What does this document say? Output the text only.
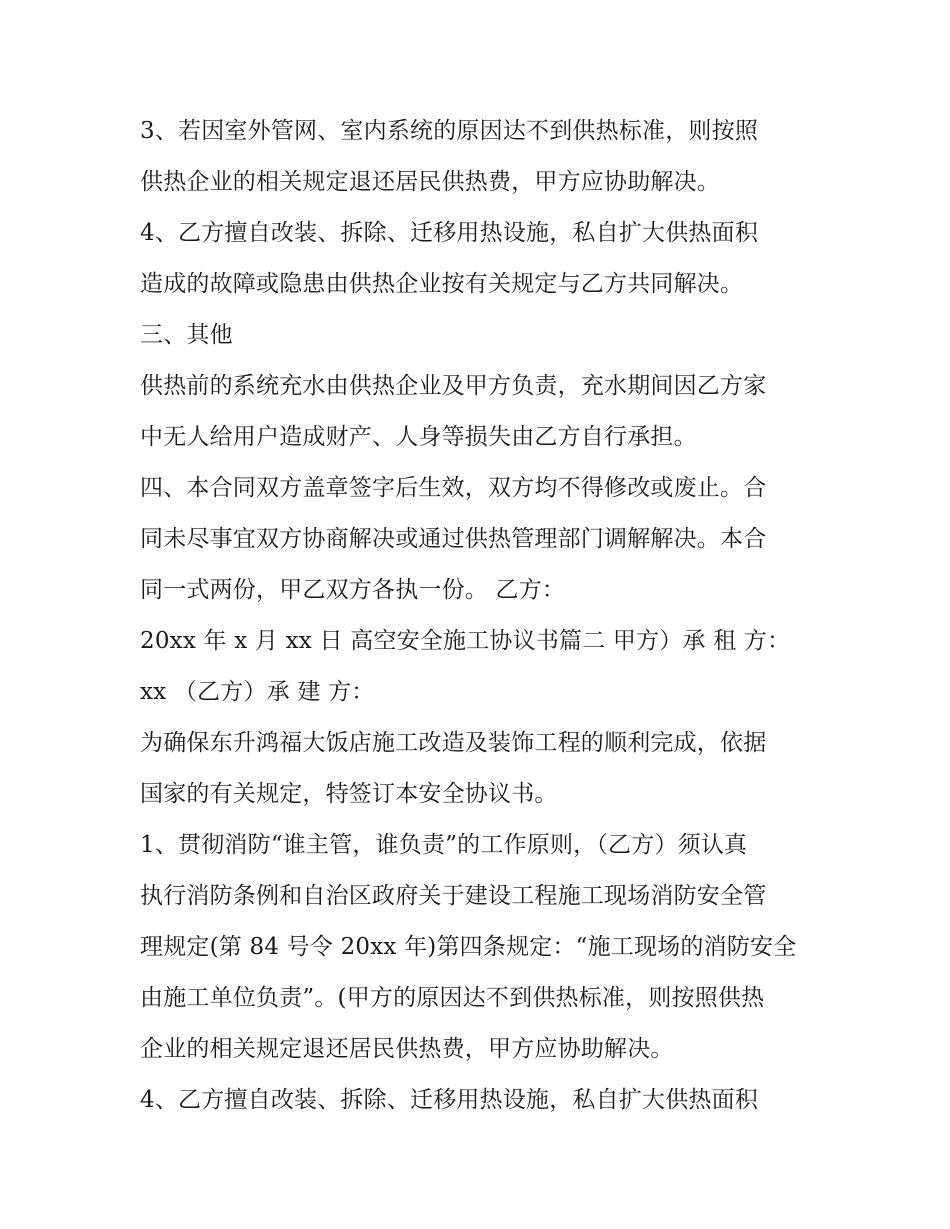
3、若因室外管网、室内系统的原因达不到供热标准，则按照
供热企业的相关规定退还居民供热费，甲方应协助解决。
4、乙方擅自改装、拆除、迁移用热设施，私自扩大供热面积
造成的故障或隐患由供热企业按有关规定与乙方共同解决。
三、其他
供热前的系统充水由供热企业及甲方负责，充水期间因乙方家
中无人给用户造成财产、人身等损失由乙方自行承担。
四、本合同双方盖章签字后生效，双方均不得修改或废止。合
同未尽事宜双方协商解决或通过供热管理部门调解解决。本合
同一式两份，甲乙双方各执一份。 乙方：
20xx 年 x 月 xx 日 高空安全施工协议书篇二 甲方）承 租 方：
xx （乙方）承 建 方：
为确保东升鸿福大饭店施工改造及装饰工程的顺利完成，依据
国家的有关规定，特签订本安全协议书。
1、贯彻消防“谁主管，谁负责”的工作原则，（乙方）须认真
执行消防条例和自治区政府关于建设工程施工现场消防安全管
理规定(第 84 号令 20xx 年)第四条规定：“施工现场的消防安全
由施工单位负责”。(甲方的原因达不到供热标准，则按照供热
企业的相关规定退还居民供热费，甲方应协助解决。
4、乙方擅自改装、拆除、迁移用热设施，私自扩大供热面积
